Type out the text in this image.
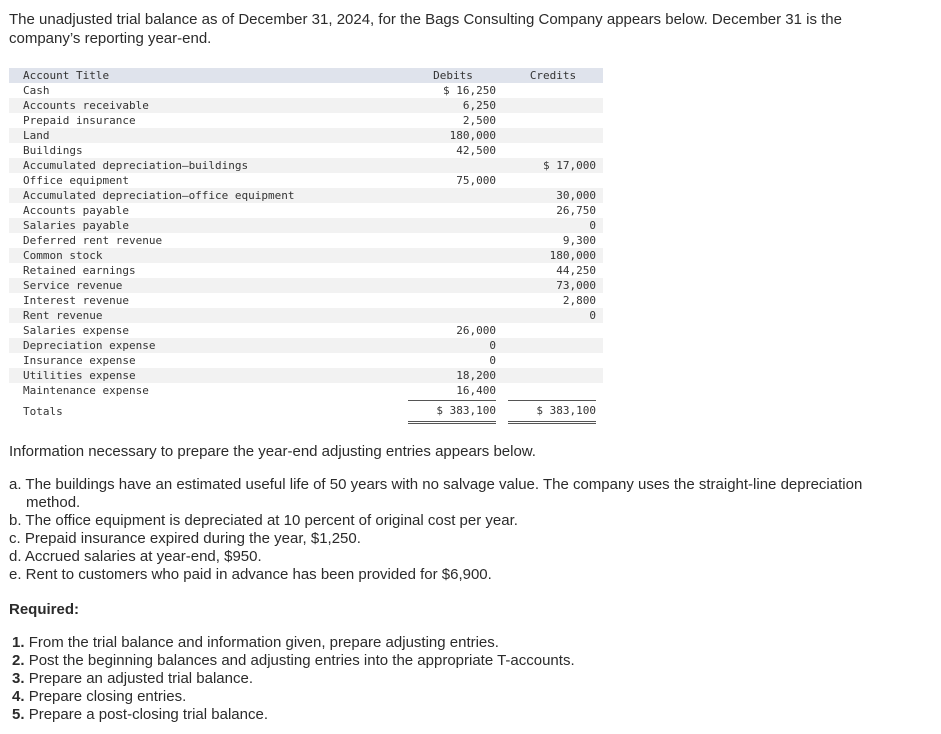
The unadjusted trial balance as of December 31, 2024, for the Bags Consulting Company appears below. December 31 is the company’s reporting year-end.
Account Title	Debits	Credits
Cash	$ 16,250	
Accounts receivable	6,250	
Prepaid insurance	2,500	
Land	180,000	
Buildings	42,500	
Accumulated depreciation—buildings		$ 17,000
Office equipment	75,000	
Accumulated depreciation—office equipment		30,000
Accounts payable		26,750
Salaries payable		0
Deferred rent revenue		9,300
Common stock		180,000
Retained earnings		44,250
Service revenue		73,000
Interest revenue		2,800
Rent revenue		0
Salaries expense	26,000	
Depreciation expense	0	
Insurance expense	0	
Utilities expense	18,200	
Maintenance expense	16,400	
Totals	$ 383,100	$ 383,100
Information necessary to prepare the year-end adjusting entries appears below.
a. The buildings have an estimated useful life of 50 years with no salvage value. The company uses the straight-line depreciation method.
b. The office equipment is depreciated at 10 percent of original cost per year.
c. Prepaid insurance expired during the year, $1,250.
d. Accrued salaries at year-end, $950.
e. Rent to customers who paid in advance has been provided for $6,900.
Required:
1. From the trial balance and information given, prepare adjusting entries.
2. Post the beginning balances and adjusting entries into the appropriate T-accounts.
3. Prepare an adjusted trial balance.
4. Prepare closing entries.
5. Prepare a post-closing trial balance.
